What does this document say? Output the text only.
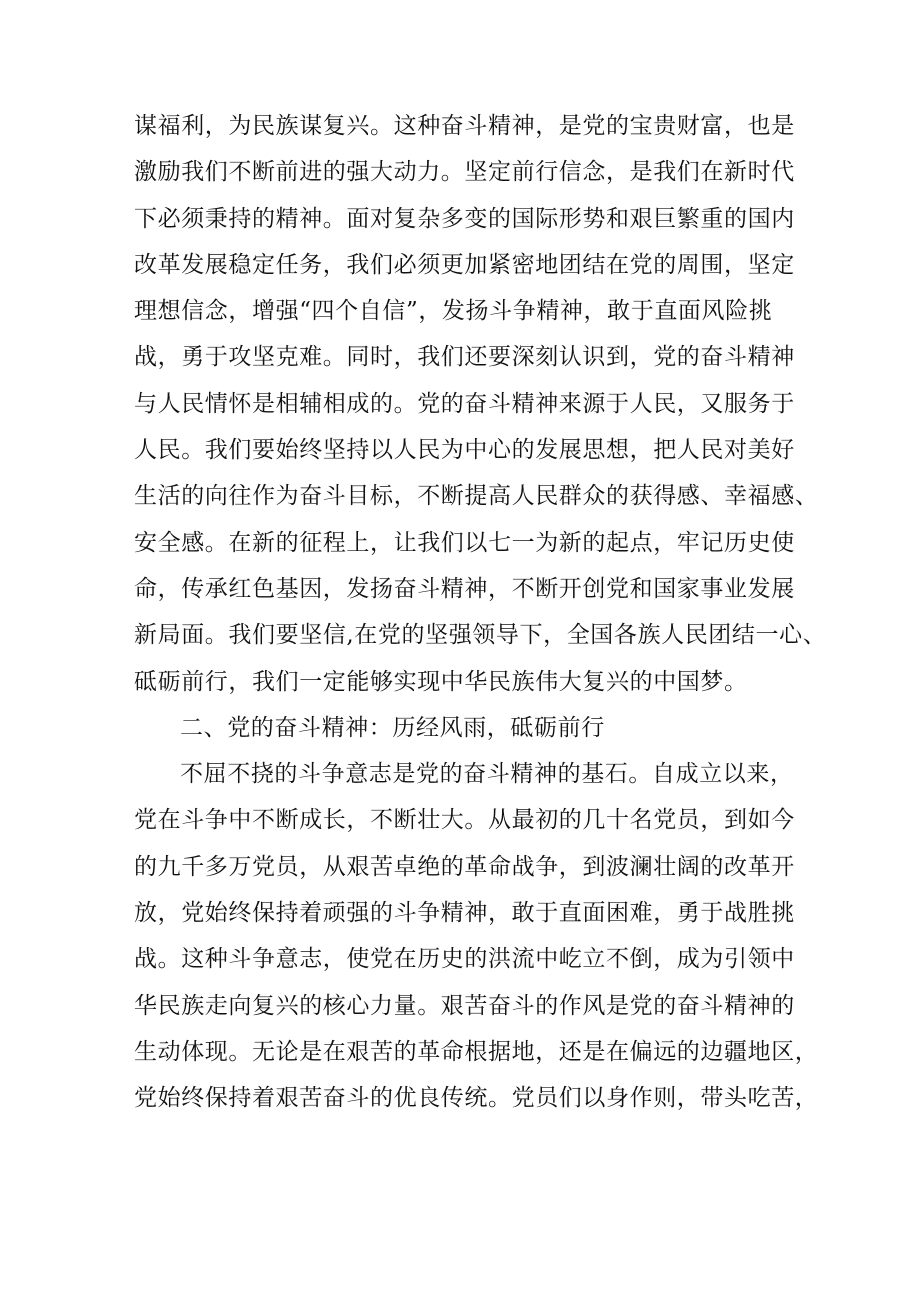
谋福利，为民族谋复兴。这种奋斗精神，是党的宝贵财富，也是
激励我们不断前进的强大动力。坚定前行信念，是我们在新时代
下必须秉持的精神。面对复杂多变的国际形势和艰巨繁重的国内
改革发展稳定任务，我们必须更加紧密地团结在党的周围，坚定
理想信念，增强“四个自信”，发扬斗争精神，敢于直面风险挑
战，勇于攻坚克难。同时，我们还要深刻认识到，党的奋斗精神
与人民情怀是相辅相成的。党的奋斗精神来源于人民，又服务于
人民。我们要始终坚持以人民为中心的发展思想，把人民对美好
生活的向往作为奋斗目标，不断提高人民群众的获得感、幸福感、
安全感。在新的征程上，让我们以七一为新的起点，牢记历史使
命，传承红色基因，发扬奋斗精神，不断开创党和国家事业发展
新局面。我们要坚信,在党的坚强领导下，全国各族人民团结一心、
砥砺前行，我们一定能够实现中华民族伟大复兴的中国梦。
二、党的奋斗精神：历经风雨，砥砺前行
不屈不挠的斗争意志是党的奋斗精神的基石。自成立以来，
党在斗争中不断成长，不断壮大。从最初的几十名党员，到如今
的九千多万党员，从艰苦卓绝的革命战争，到波澜壮阔的改革开
放，党始终保持着顽强的斗争精神，敢于直面困难，勇于战胜挑
战。这种斗争意志，使党在历史的洪流中屹立不倒，成为引领中
华民族走向复兴的核心力量。艰苦奋斗的作风是党的奋斗精神的
生动体现。无论是在艰苦的革命根据地，还是在偏远的边疆地区，
党始终保持着艰苦奋斗的优良传统。党员们以身作则，带头吃苦，
